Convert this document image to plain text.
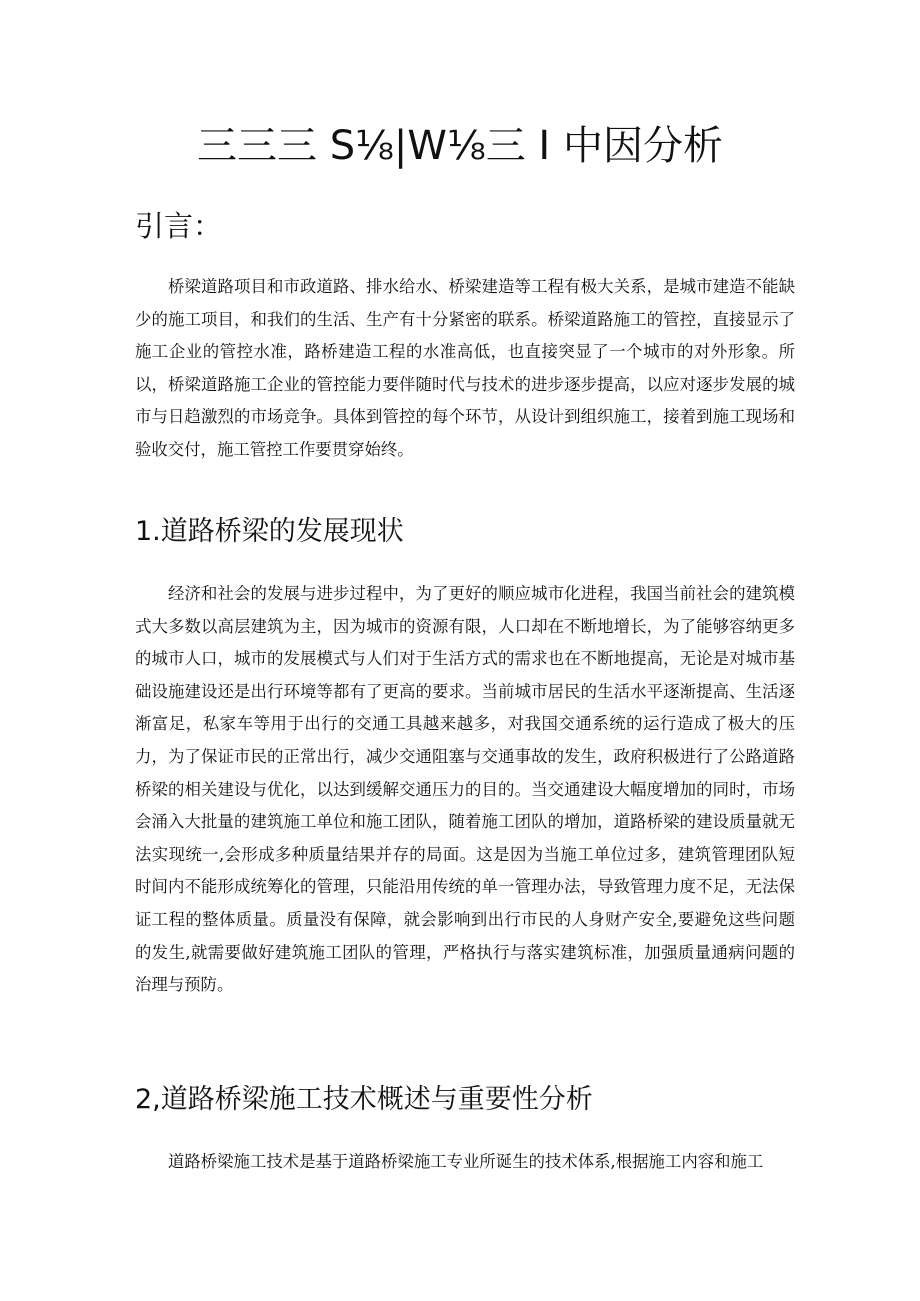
三三三 S⅛|W⅛三 I 中因分析
引言：

桥梁道路项目和市政道路、排水给水、桥梁建造等工程有极大关系，是城市建造不能缺少的施工项目，和我们的生活、生产有十分紧密的联系。桥梁道路施工的管控，直接显示了施工企业的管控水准，路桥建造工程的水准高低，也直接突显了一个城市的对外形象。所以，桥梁道路施工企业的管控能力要伴随时代与技术的进步逐步提高，以应对逐步发展的城市与日趋激烈的市场竞争。具体到管控的每个环节，从设计到组织施工，接着到施工现场和验收交付，施工管控工作要贯穿始终。

1.道路桥梁的发展现状

经济和社会的发展与进步过程中，为了更好的顺应城市化进程，我国当前社会的建筑模式大多数以高层建筑为主，因为城市的资源有限，人口却在不断地增长，为了能够容纳更多的城市人口，城市的发展模式与人们对于生活方式的需求也在不断地提高，无论是对城市基础设施建设还是出行环境等都有了更高的要求。当前城市居民的生活水平逐渐提高、生活逐渐富足，私家车等用于出行的交通工具越来越多，对我国交通系统的运行造成了极大的压力，为了保证市民的正常出行，减少交通阻塞与交通事故的发生，政府积极进行了公路道路桥梁的相关建设与优化，以达到缓解交通压力的目的。当交通建设大幅度增加的同时，市场会涌入大批量的建筑施工单位和施工团队，随着施工团队的增加，道路桥梁的建设质量就无法实现统一,会形成多种质量结果并存的局面。这是因为当施工单位过多，建筑管理团队短时间内不能形成统筹化的管理，只能沿用传统的单一管理办法，导致管理力度不足，无法保证工程的整体质量。质量没有保障，就会影响到出行市民的人身财产安全,要避免这些问题的发生,就需要做好建筑施工团队的管理，严格执行与落实建筑标准，加强质量通病问题的治理与预防。

2,道路桥梁施工技术概述与重要性分析

道路桥梁施工技术是基于道路桥梁施工专业所诞生的技术体系,根据施工内容和施工
